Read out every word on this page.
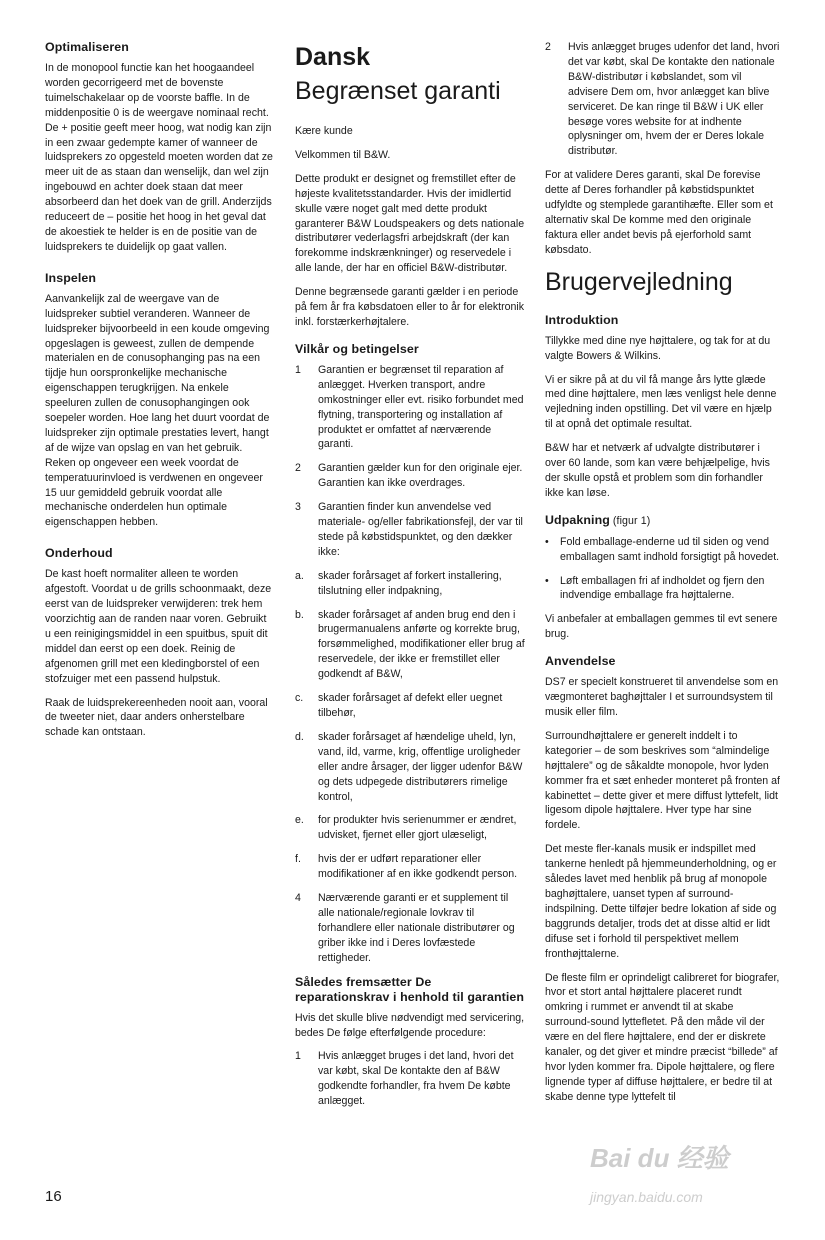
Optimaliseren

In de monopool functie kan het hoogaandeel worden gecorrigeerd met de bovenste tuimelschakelaar op de voorste baffle. In de middenpositie 0 is de weergave nominaal recht. De + positie geeft meer hoog, wat nodig kan zijn in een zwaar gedempte kamer of wanneer de luidsprekers zo opgesteld moeten worden dat ze meer uit de as staan dan wenselijk, dan wel zijn ingebouwd en achter doek staan dat meer absorbeerd dan het doek van de grill. Anderzijds reduceert de – positie het hoog in het geval dat de akoestiek te helder is en de positie van de luidsprekers te duidelijk op gaat vallen.

Inspelen

Aanvankelijk zal de weergave van de luidspreker subtiel veranderen. Wanneer de luidspreker bijvoorbeeld in een koude omgeving opgeslagen is geweest, zullen de dempende materialen en de conusophanging pas na een tijdje hun oorspronkelijke mechanische eigenschappen terugkrijgen. Na enkele speeluren zullen de conusophangingen ook soepeler worden. Hoe lang het duurt voordat de luidspreker zijn optimale prestaties levert, hangt af de wijze van opslag en van het gebruik. Reken op ongeveer een week voordat de temperatuurinvloed is verdwenen en ongeveer 15 uur gemiddeld gebruik voordat alle mechanische onderdelen hun optimale eigenschappen hebben.

Onderhoud

De kast hoeft normaliter alleen te worden afgestoft. Voordat u de grills schoonmaakt, deze eerst van de luidspreker verwijderen: trek hem voorzichtig aan de randen naar voren. Gebruikt u een reinigingsmiddel in een spuitbus, spuit dit middel dan eerst op een doek. Reinig de afgenomen grill met een kledingborstel of een stofzuiger met een passend hulpstuk.

Raak de luidsprekereenheden nooit aan, vooral de tweeter niet, daar anders onherstelbare schade kan ontstaan.

Dansk
Begrænset garanti

Kære kunde

Velkommen til B&W.

Dette produkt er designet og fremstillet efter de højeste kvalitetsstandarder. Hvis der imidlertid skulle være noget galt med dette produkt garanterer B&W Loudspeakers og dets nationale distributører vederlagsfri arbejdskraft (der kan forekomme indskrænkninger) og reservedele i alle lande, der har en officiel B&W-distributør.

Denne begrænsede garanti gælder i en periode på fem år fra købsdatoen eller to år for elektronik inkl. forstærkerhøjtalere.

Vilkår og betingelser
1 Garantien er begrænset til reparation af anlægget. Hverken transport, andre omkostninger eller evt. risiko forbundet med flytning, transportering og installation af produktet er omfattet af nærværende garanti.
2 Garantien gælder kun for den originale ejer. Garantien kan ikke overdrages.
3 Garantien finder kun anvendelse ved materiale- og/eller fabrikationsfejl, der var til stede på købstidspunktet, og den dækker ikke:
a. skader forårsaget af forkert installering, tilslutning eller indpakning,
b. skader forårsaget af anden brug end den i brugermanualens anførte og korrekte brug, forsømmelighed, modifikationer eller brug af reservedele, der ikke er fremstillet eller godkendt af B&W,
c. skader forårsaget af defekt eller uegnet tilbehør,
d. skader forårsaget af hændelige uheld, lyn, vand, ild, varme, krig, offentlige uroligheder eller andre årsager, der ligger udenfor B&W og dets udpegede distributørers rimelige kontrol,
e. for produkter hvis serienummer er ændret, udvisket, fjernet eller gjort ulæseligt,
f. hvis der er udført reparationer eller modifikationer af en ikke godkendt person.
4 Nærværende garanti er et supplement til alle nationale/regionale lovkrav til forhandlere eller nationale distributører og griber ikke ind i Deres lovfæstede rettigheder.
Således fremsætter De reparationskrav i henhold til garantien

Hvis det skulle blive nødvendigt med servicering, bedes De følge efterfølgende procedure:

1 Hvis anlægget bruges i det land, hvori det var købt, skal De kontakte den af B&W godkendte forhandler, fra hvem De købte anlægget.
2 Hvis anlægget bruges udenfor det land, hvori det var købt, skal De kontakte den nationale B&W-distributør i købslandet, som vil advisere Dem om, hvor anlægget kan blive serviceret. De kan ringe til B&W i UK eller besøge vores website for at indhente oplysninger om, hvem der er Deres lokale distributør.

For at validere Deres garanti, skal De forevise dette af Deres forhandler på købstidspunktet udfyldte og stemplede garantihæfte. Eller som et alternativ skal De komme med den originale faktura eller andet bevis på ejerforhold samt købsdato.

Brugervejledning
Introduktion

Tillykke med dine nye højttalere, og tak for at du valgte Bowers & Wilkins.

Vi er sikre på at du vil få mange års lytte glæde med dine højttalere, men læs venligst hele denne vejledning inden opstilling. Det vil være en hjælp til at opnå det optimale resultat.

B&W har et netværk af udvalgte distributører i over 60 lande, som kan være behjælpelige, hvis der skulle opstå et problem som din forhandler ikke kan løse.

Udpakning (figur 1)
• Fold emballage-enderne ud til siden og vend emballagen samt indhold forsigtigt på hovedet.
• Løft emballagen fri af indholdet og fjern den indvendige emballage fra højttalerne.

Vi anbefaler at emballagen gemmes til evt senere brug.

Anvendelse

DS7 er specielt konstrueret til anvendelse som en vægmonteret baghøjttaler I et surroundsystem til musik eller film.

Surroundhøjttalere er generelt inddelt i to kategorier – de som beskrives som “almindelige højttalere” og de såkaldte monopole, hvor lyden kommer fra et sæt enheder monteret på fronten af kabinettet – dette giver et mere diffust lyttefelt, lidt ligesom dipole højttalere. Hver type har sine fordele.

Det meste fler-kanals musik er indspillet med tankerne henledt på hjemmeunderholdning, og er således lavet med henblik på brug af monopole baghøjttalere, uanset typen af surround-indspilning. Dette tilføjer bedre lokation af side og baggrunds detaljer, trods det at disse altid er lidt difuse set i forhold til perspektivet mellem fronthøjttalerne.

De fleste film er oprindeligt calibreret for biografer, hvor et stort antal højttalere placeret rundt omkring i rummet er anvendt til at skabe surround-sound lyttefletet. På den måde vil der være en del flere højttalere, end der er diskrete kanaler, og det giver et mindre præcist “billede” af hvor lyden kommer fra. Dipole højttalere, og flere lignende typer af diffuse højttalere, er bedre til at skabe denne type lyttefelt til

16
Bai du 经验
jingyan.baidu.com
